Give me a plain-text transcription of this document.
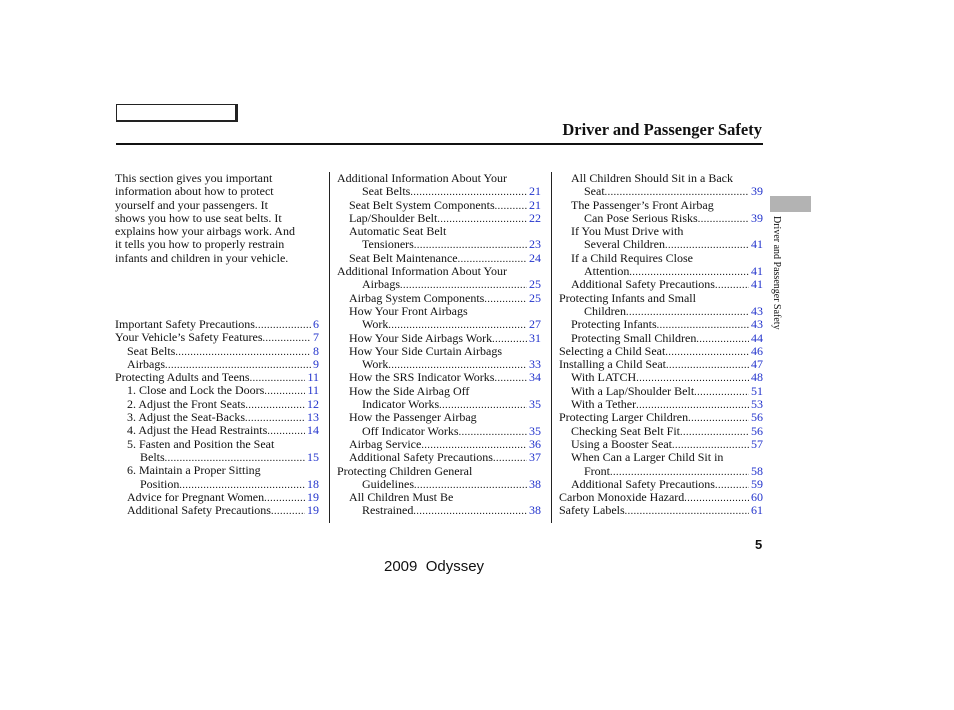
Driver and Passenger Safety
This section gives you important
information about how to protect
yourself and your passengers. It
shows you how to use seat belts. It
explains how your airbags work. And
it tells you how to properly restrain
infants and children in your vehicle.
Important Safety Precautions .....	6
Your Vehicle’s Safety Features .....	7
Seat Belts .....	8
Airbags .....	9
Protecting Adults and Teens .....	11
1. Close and Lock the Doors .....	11
2. Adjust the Front Seats .....	12
3. Adjust the Seat-Backs .....	13
4. Adjust the Head Restraints .....	14
5. Fasten and Position the Seat
Belts .....	15
6. Maintain a Proper Sitting
Position .....	18
Advice for Pregnant Women .....	19
Additional Safety Precautions .....	19
Additional Information About Your
Seat Belts .....	21
Seat Belt System Components .....	21
Lap/Shoulder Belt .....	22
Automatic Seat Belt
Tensioners .....	23
Seat Belt Maintenance .....	24
Additional Information About Your
Airbags .....	25
Airbag System Components .....	25
How Your Front Airbags
Work .....	27
How Your Side Airbags Work .....	31
How Your Side Curtain Airbags
Work .....	33
How the SRS Indicator Works .....	34
How the Side Airbag Off
Indicator Works .....	35
How the Passenger Airbag
Off Indicator Works .....	35
Airbag Service .....	36
Additional Safety Precautions .....	37
Protecting Children General
Guidelines .....	38
All Children Must Be
Restrained .....	38
All Children Should Sit in a Back
Seat .....	39
The Passenger’s Front Airbag
Can Pose Serious Risks .....	39
If You Must Drive with
Several Children .....	41
If a Child Requires Close
Attention .....	41
Additional Safety Precautions .....	41
Protecting Infants and Small
Children .....	43
Protecting Infants .....	43
Protecting Small Children .....	44
Selecting a Child Seat .....	46
Installing a Child Seat .....	47
With LATCH .....	48
With a Lap/Shoulder Belt .....	51
With a Tether .....	53
Protecting Larger Children .....	56
Checking Seat Belt Fit .....	56
Using a Booster Seat .....	57
When Can a Larger Child Sit in
Front .....	58
Additional Safety Precautions .....	59
Carbon Monoxide Hazard .....	60
Safety Labels .....	61
Driver and Passenger Safety
5
2009  Odyssey
